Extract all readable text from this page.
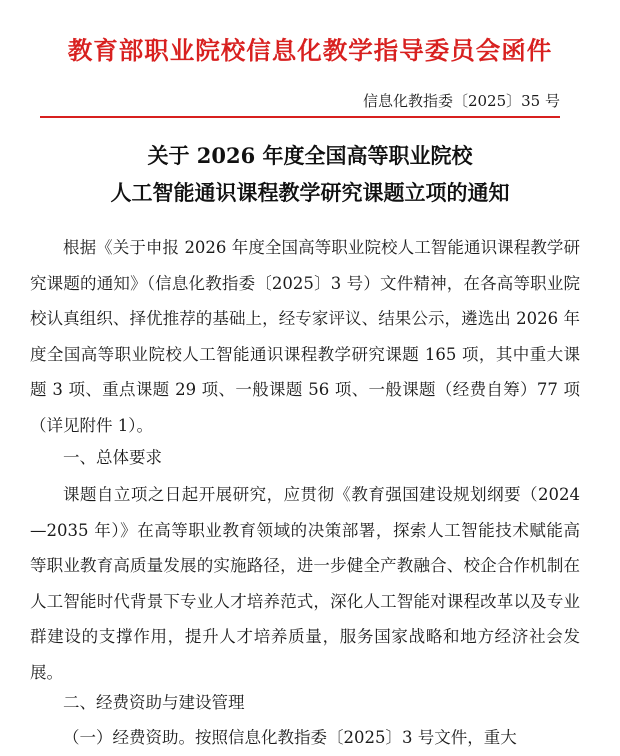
教育部职业院校信息化教学指导委员会函件
信息化教指委〔2025〕35 号
关于 2026 年度全国高等职业院校
人工智能通识课程教学研究课题立项的通知
根据《关于申报 2026 年度全国高等职业院校人工智能通识课程教学研究课题的通知》（信息化教指委〔2025〕3 号）文件精神，在各高等职业院校认真组织、择优推荐的基础上，经专家评议、结果公示，遴选出 2026 年度全国高等职业院校人工智能通识课程教学研究课题 165 项，其中重大课题 3 项、重点课题 29 项、一般课题 56 项、一般课题（经费自筹）77 项（详见附件 1）。
一、总体要求
课题自立项之日起开展研究，应贯彻《教育强国建设规划纲要（2024—2035 年）》在高等职业教育领域的决策部署，探索人工智能技术赋能高等职业教育高质量发展的实施路径，进一步健全产教融合、校企合作机制在人工智能时代背景下专业人才培养范式，深化人工智能对课程改革以及专业群建设的支撑作用，提升人才培养质量，服务国家战略和地方经济社会发展。
二、经费资助与建设管理
（一）经费资助。按照信息化教指委〔2025〕3 号文件，重大
